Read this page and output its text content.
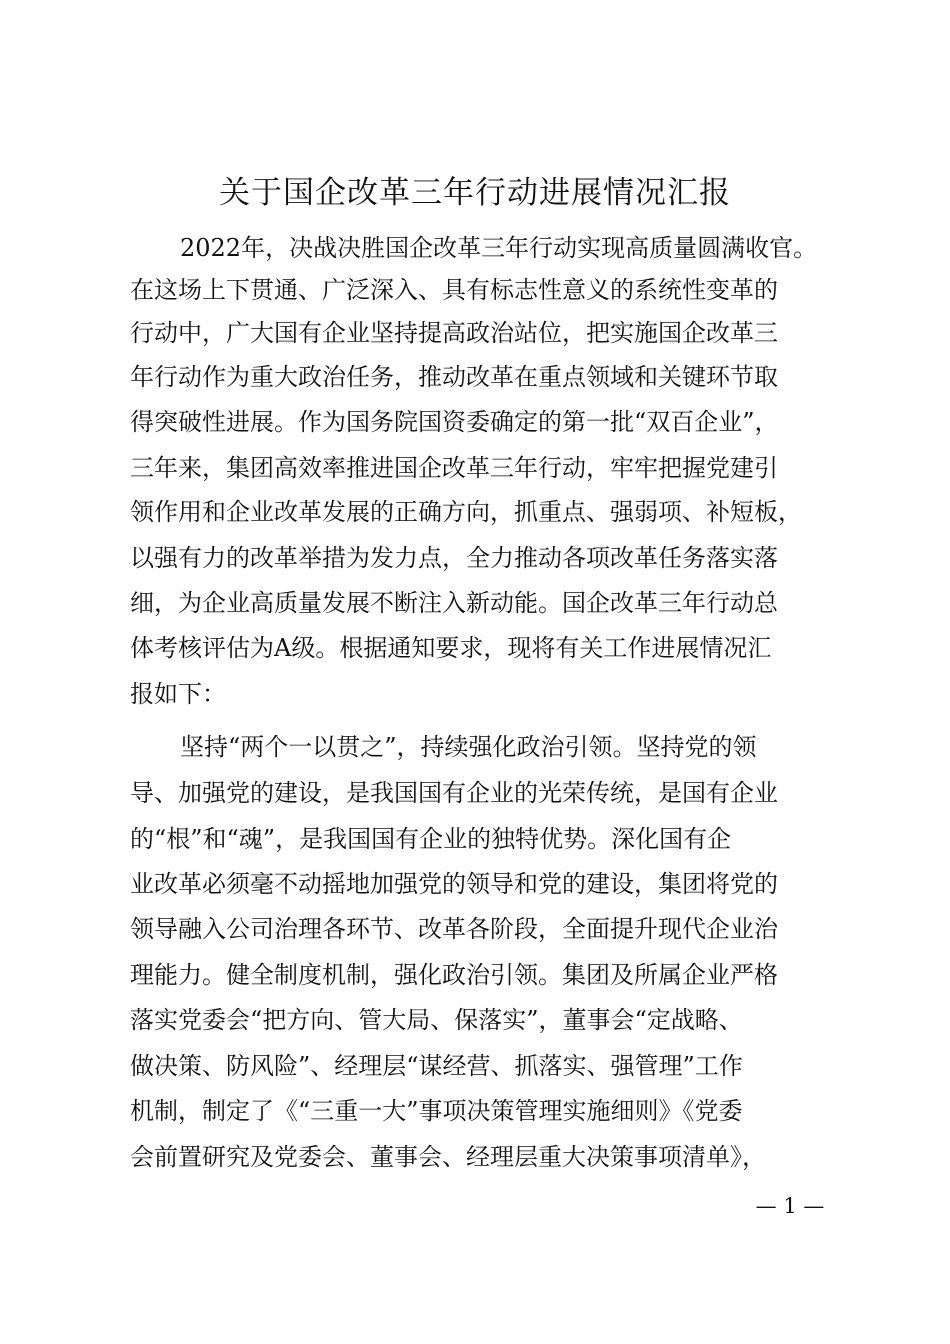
关于国企改革三年行动进展情况汇报
2022年，决战决胜国企改革三年行动实现高质量圆满收官。
在这场上下贯通、广泛深入、具有标志性意义的系统性变革的
行动中，广大国有企业坚持提高政治站位，把实施国企改革三
年行动作为重大政治任务，推动改革在重点领域和关键环节取
得突破性进展。作为国务院国资委确定的第一批“双百企业”，
三年来，集团高效率推进国企改革三年行动，牢牢把握党建引
领作用和企业改革发展的正确方向，抓重点、强弱项、补短板，
以强有力的改革举措为发力点，全力推动各项改革任务落实落
细，为企业高质量发展不断注入新动能。国企改革三年行动总
体考核评估为A级。根据通知要求，现将有关工作进展情况汇
报如下：
坚持“两个一以贯之”，持续强化政治引领。坚持党的领
导、加强党的建设，是我国国有企业的光荣传统，是国有企业
的“根”和“魂”，是我国国有企业的独特优势。深化国有企
业改革必须毫不动摇地加强党的领导和党的建设，集团将党的
领导融入公司治理各环节、改革各阶段，全面提升现代企业治
理能力。健全制度机制，强化政治引领。集团及所属企业严格
落实党委会“把方向、管大局、保落实”，董事会“定战略、
做决策、防风险”、经理层“谋经营、抓落实、强管理”工作
机制，制定了《“三重一大”事项决策管理实施细则》《党委
会前置研究及党委会、董事会、经理层重大决策事项清单》，
— 1 —
